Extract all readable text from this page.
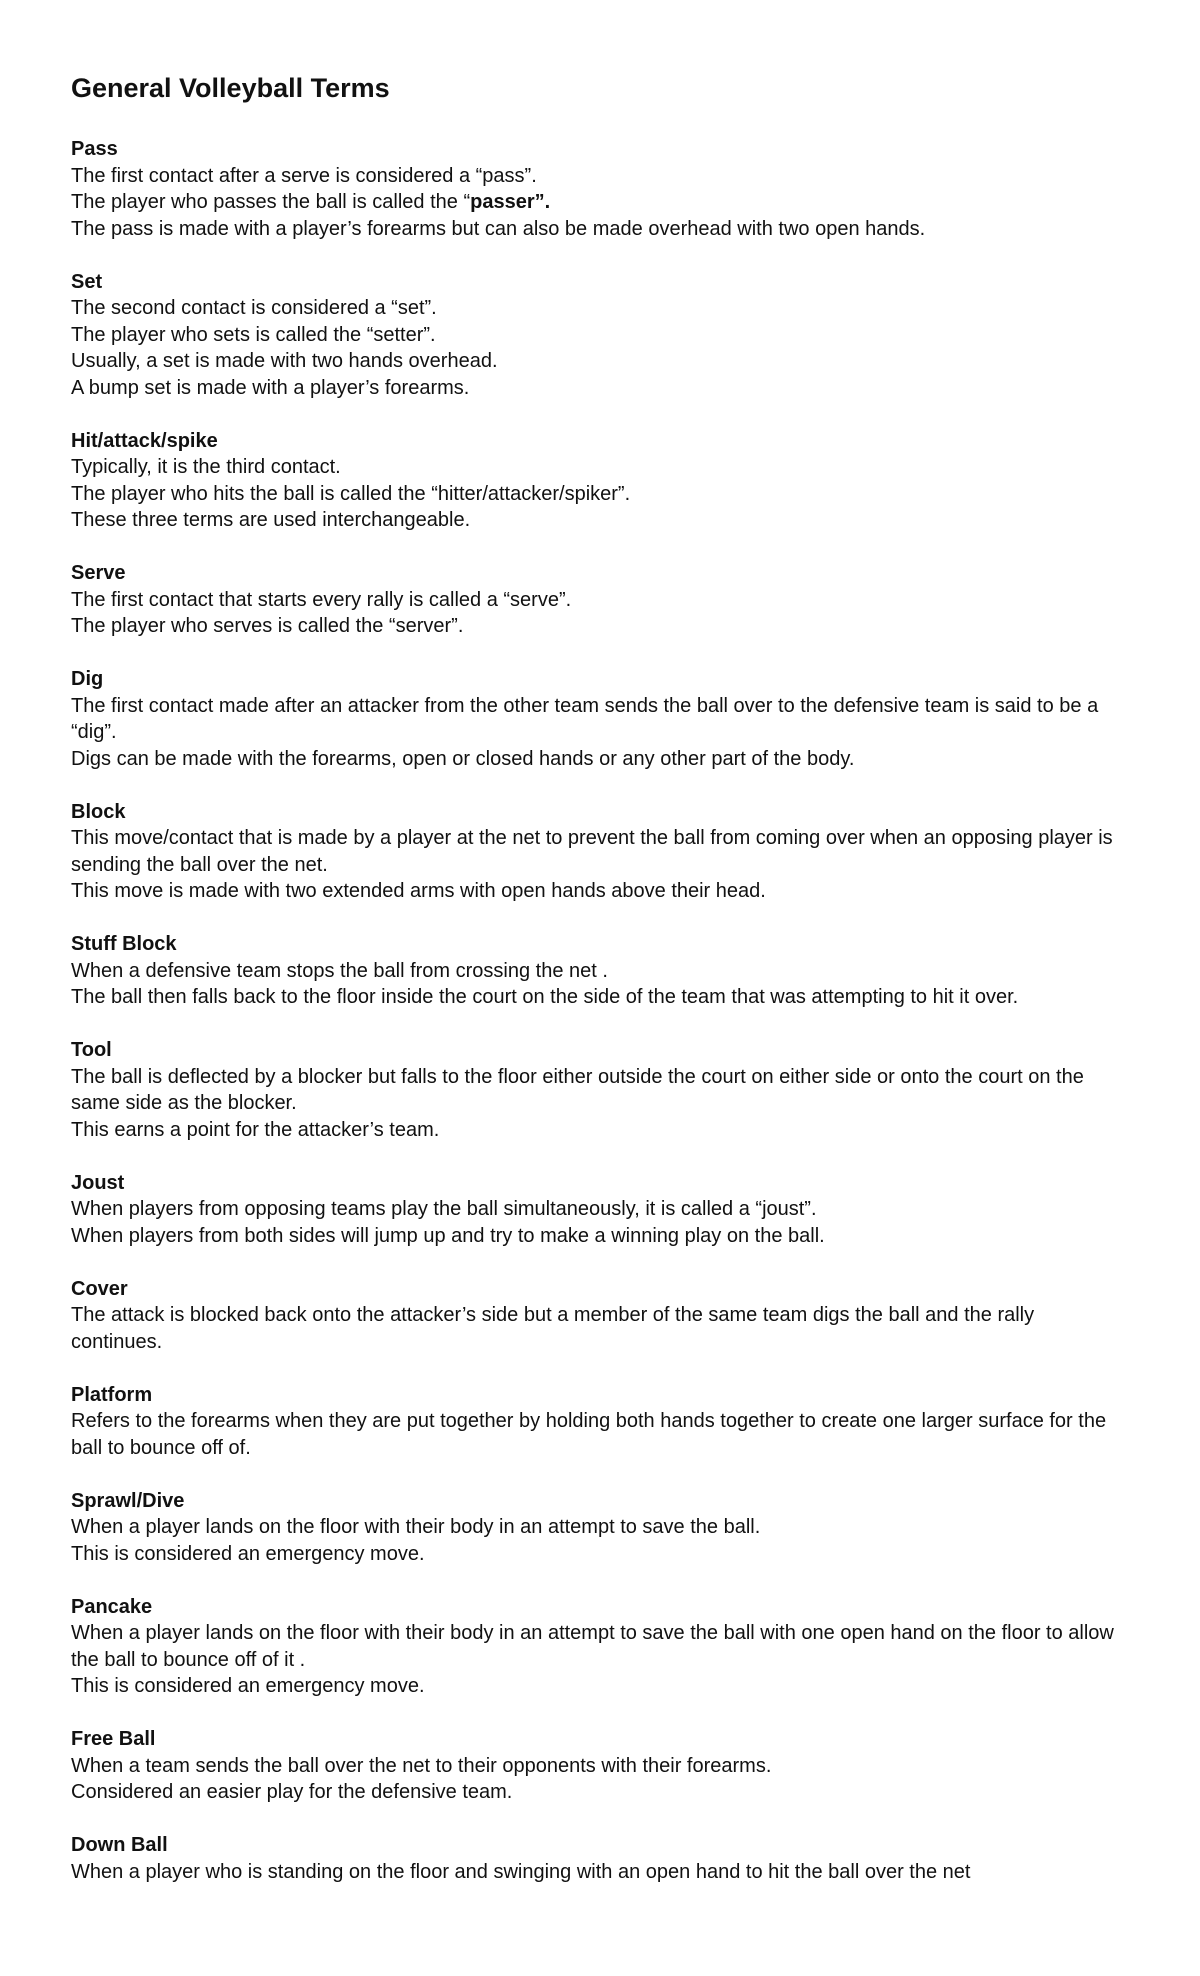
General Volleyball Terms
Pass

The first contact after a serve is considered a “pass”.

The player who passes the ball is called the “passer”.

The pass is made with a player’s forearms but can also be made overhead with two open hands.

Set

The second contact is considered a “set”.

The player who sets is called the “setter”.

Usually, a set is made with two hands overhead.

A bump set is made with a player’s forearms.

Hit/attack/spike

Typically, it is the third contact.

The player who hits the ball is called the “hitter/attacker/spiker”.

These three terms are used interchangeable.

Serve

The first contact that starts every rally is called a “serve”.

The player who serves is called the “server”.

Dig

The first contact made after an attacker from the other team sends the ball over to the defensive team is said to be a “dig”.

Digs can be made with the forearms, open or closed hands or any other part of the body.

Block

This move/contact that is made by a player at the net to prevent the ball from coming over when an opposing player is sending the ball over the net.

This move is made with two extended arms with open hands above their head.

Stuff Block

When a defensive team stops the ball from crossing the net .

The ball then falls back to the floor inside the court on the side of the team that was attempting to hit it over.

Tool

The ball is deflected by a blocker but falls to the floor either outside the court on either side or onto the court on the same side as the blocker.

This earns a point for the attacker’s team.

Joust

When players from opposing teams play the ball simultaneously, it is called a “joust”.

When players from both sides will jump up and try to make a winning play on the ball.

Cover

The attack is blocked back onto the attacker’s side but a member of the same team digs the ball and the rally continues.

Platform

Refers to the forearms when they are put together by holding both hands together to create one larger surface for the ball to bounce off of.

Sprawl/Dive

When a player lands on the floor with their body in an attempt to save the ball.

This is considered an emergency move.

Pancake

When a player lands on the floor with their body in an attempt to save the ball with one open hand on the floor to allow the ball to bounce off of it .

This is considered an emergency move.

Free Ball

When a team sends the ball over the net to their opponents with their forearms.

Considered an easier play for the defensive team.

Down Ball

When a player who is standing on the floor and swinging with an open hand to hit the ball over the net
